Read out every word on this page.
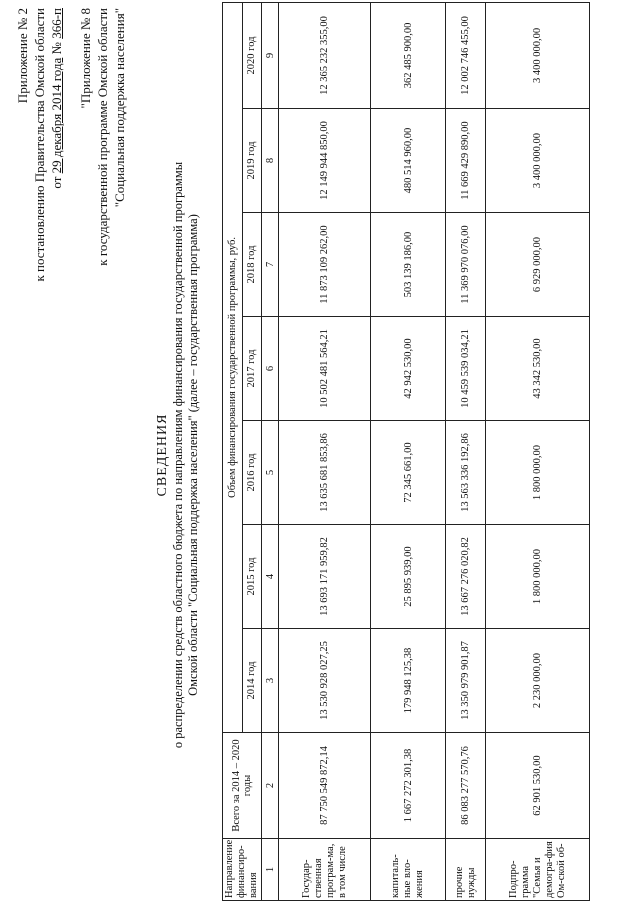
Приложение № 2 к постановлению Правительства Омской области от 29 декабря 2014 года № 366-п "Приложение № 8 к государственной программе Омской области "Социальная поддержка населения"
СВЕДЕНИЯ о распределении средств областного бюджета по направлениям финансирования государственной программы Омской области "Социальная поддержка населения" (далее – государственная программа)
Направление финансиро-вания	Всего за 2014 – 2020 годы	Объем финансирования государственной программы, руб.						
		2014 год	2015 год	2016 год	2017 год	2018 год	2019 год	2020 год
1	2	3	4	5	6	7	8	9
Государ-ственная програм-ма, в том числе	87 750 549 872,14	13 530 928 027,25	13 693 171 959,82	13 635 681 853,86	10 502 481 564,21	11 873 109 262,00	12 149 944 850,00	12 365 232 355,00
капиталь-ные вло-жения	1 667 272 301,38	179 948 125,38	25 895 939,00	72 345 661,00	42 942 530,00	503 139 186,00	480 514 960,00	362 485 900,00
прочие нужды	86 083 277 570,76	13 350 979 901,87	13 667 276 020,82	13 563 336 192,86	10 459 539 034,21	11 369 970 076,00	11 669 429 890,00	12 002 746 455,00
Подпро-грамма "Семья и демогра-фия Ом-ской об-	62 901 530,00	2 230 000,00	1 800 000,00	1 800 000,00	43 342 530,00	6 929 000,00	3 400 000,00	3 400 000,00
